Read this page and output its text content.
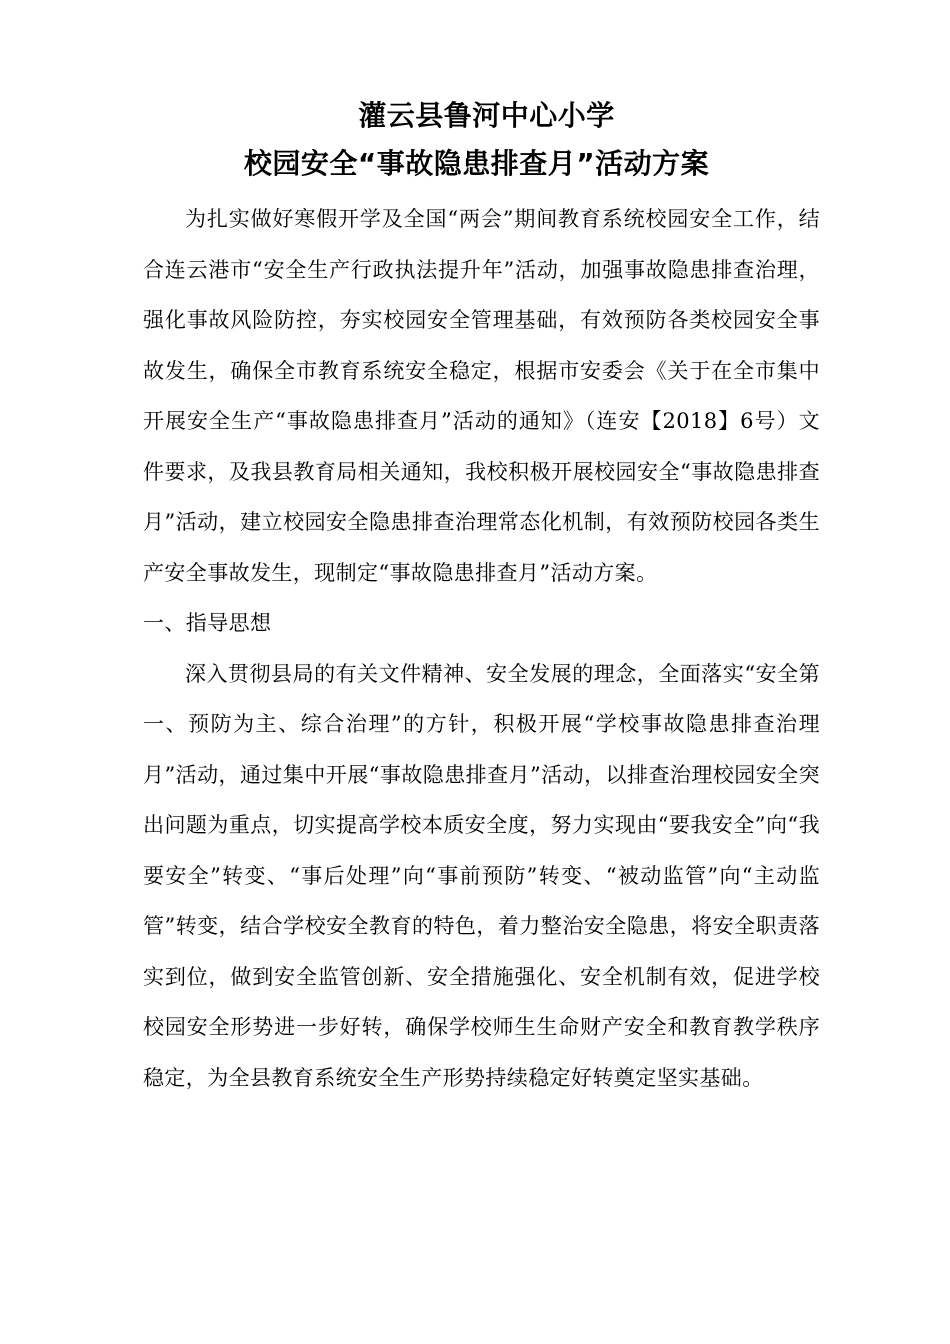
灌云县鲁河中心小学
校园安全“事故隐患排查月”活动方案

为扎实做好寒假开学及全国“两会”期间教育系统校园安全工作，结合连云港市“安全生产行政执法提升年”活动，加强事故隐患排查治理，强化事故风险防控，夯实校园安全管理基础，有效预防各类校园安全事故发生，确保全市教育系统安全稳定，根据市安委会《关于在全市集中开展安全生产“事故隐患排查月”活动的通知》（连安【2018】6号）文件要求，及我县教育局相关通知，我校积极开展校园安全“事故隐患排查月”活动，建立校园安全隐患排查治理常态化机制，有效预防校园各类生产安全事故发生，现制定“事故隐患排查月”活动方案。

一、指导思想

深入贯彻县局的有关文件精神、安全发展的理念，全面落实“安全第一、预防为主、综合治理”的方针，积极开展“学校事故隐患排查治理月”活动，通过集中开展“事故隐患排查月”活动，以排查治理校园安全突出问题为重点，切实提高学校本质安全度，努力实现由“要我安全”向“我要安全”转变、“事后处理”向“事前预防”转变、“被动监管”向“主动监管”转变，结合学校安全教育的特色，着力整治安全隐患，将安全职责落实到位，做到安全监管创新、安全措施强化、安全机制有效，促进学校校园安全形势进一步好转，确保学校师生生命财产安全和教育教学秩序稳定，为全县教育系统安全生产形势持续稳定好转奠定坚实基础。
